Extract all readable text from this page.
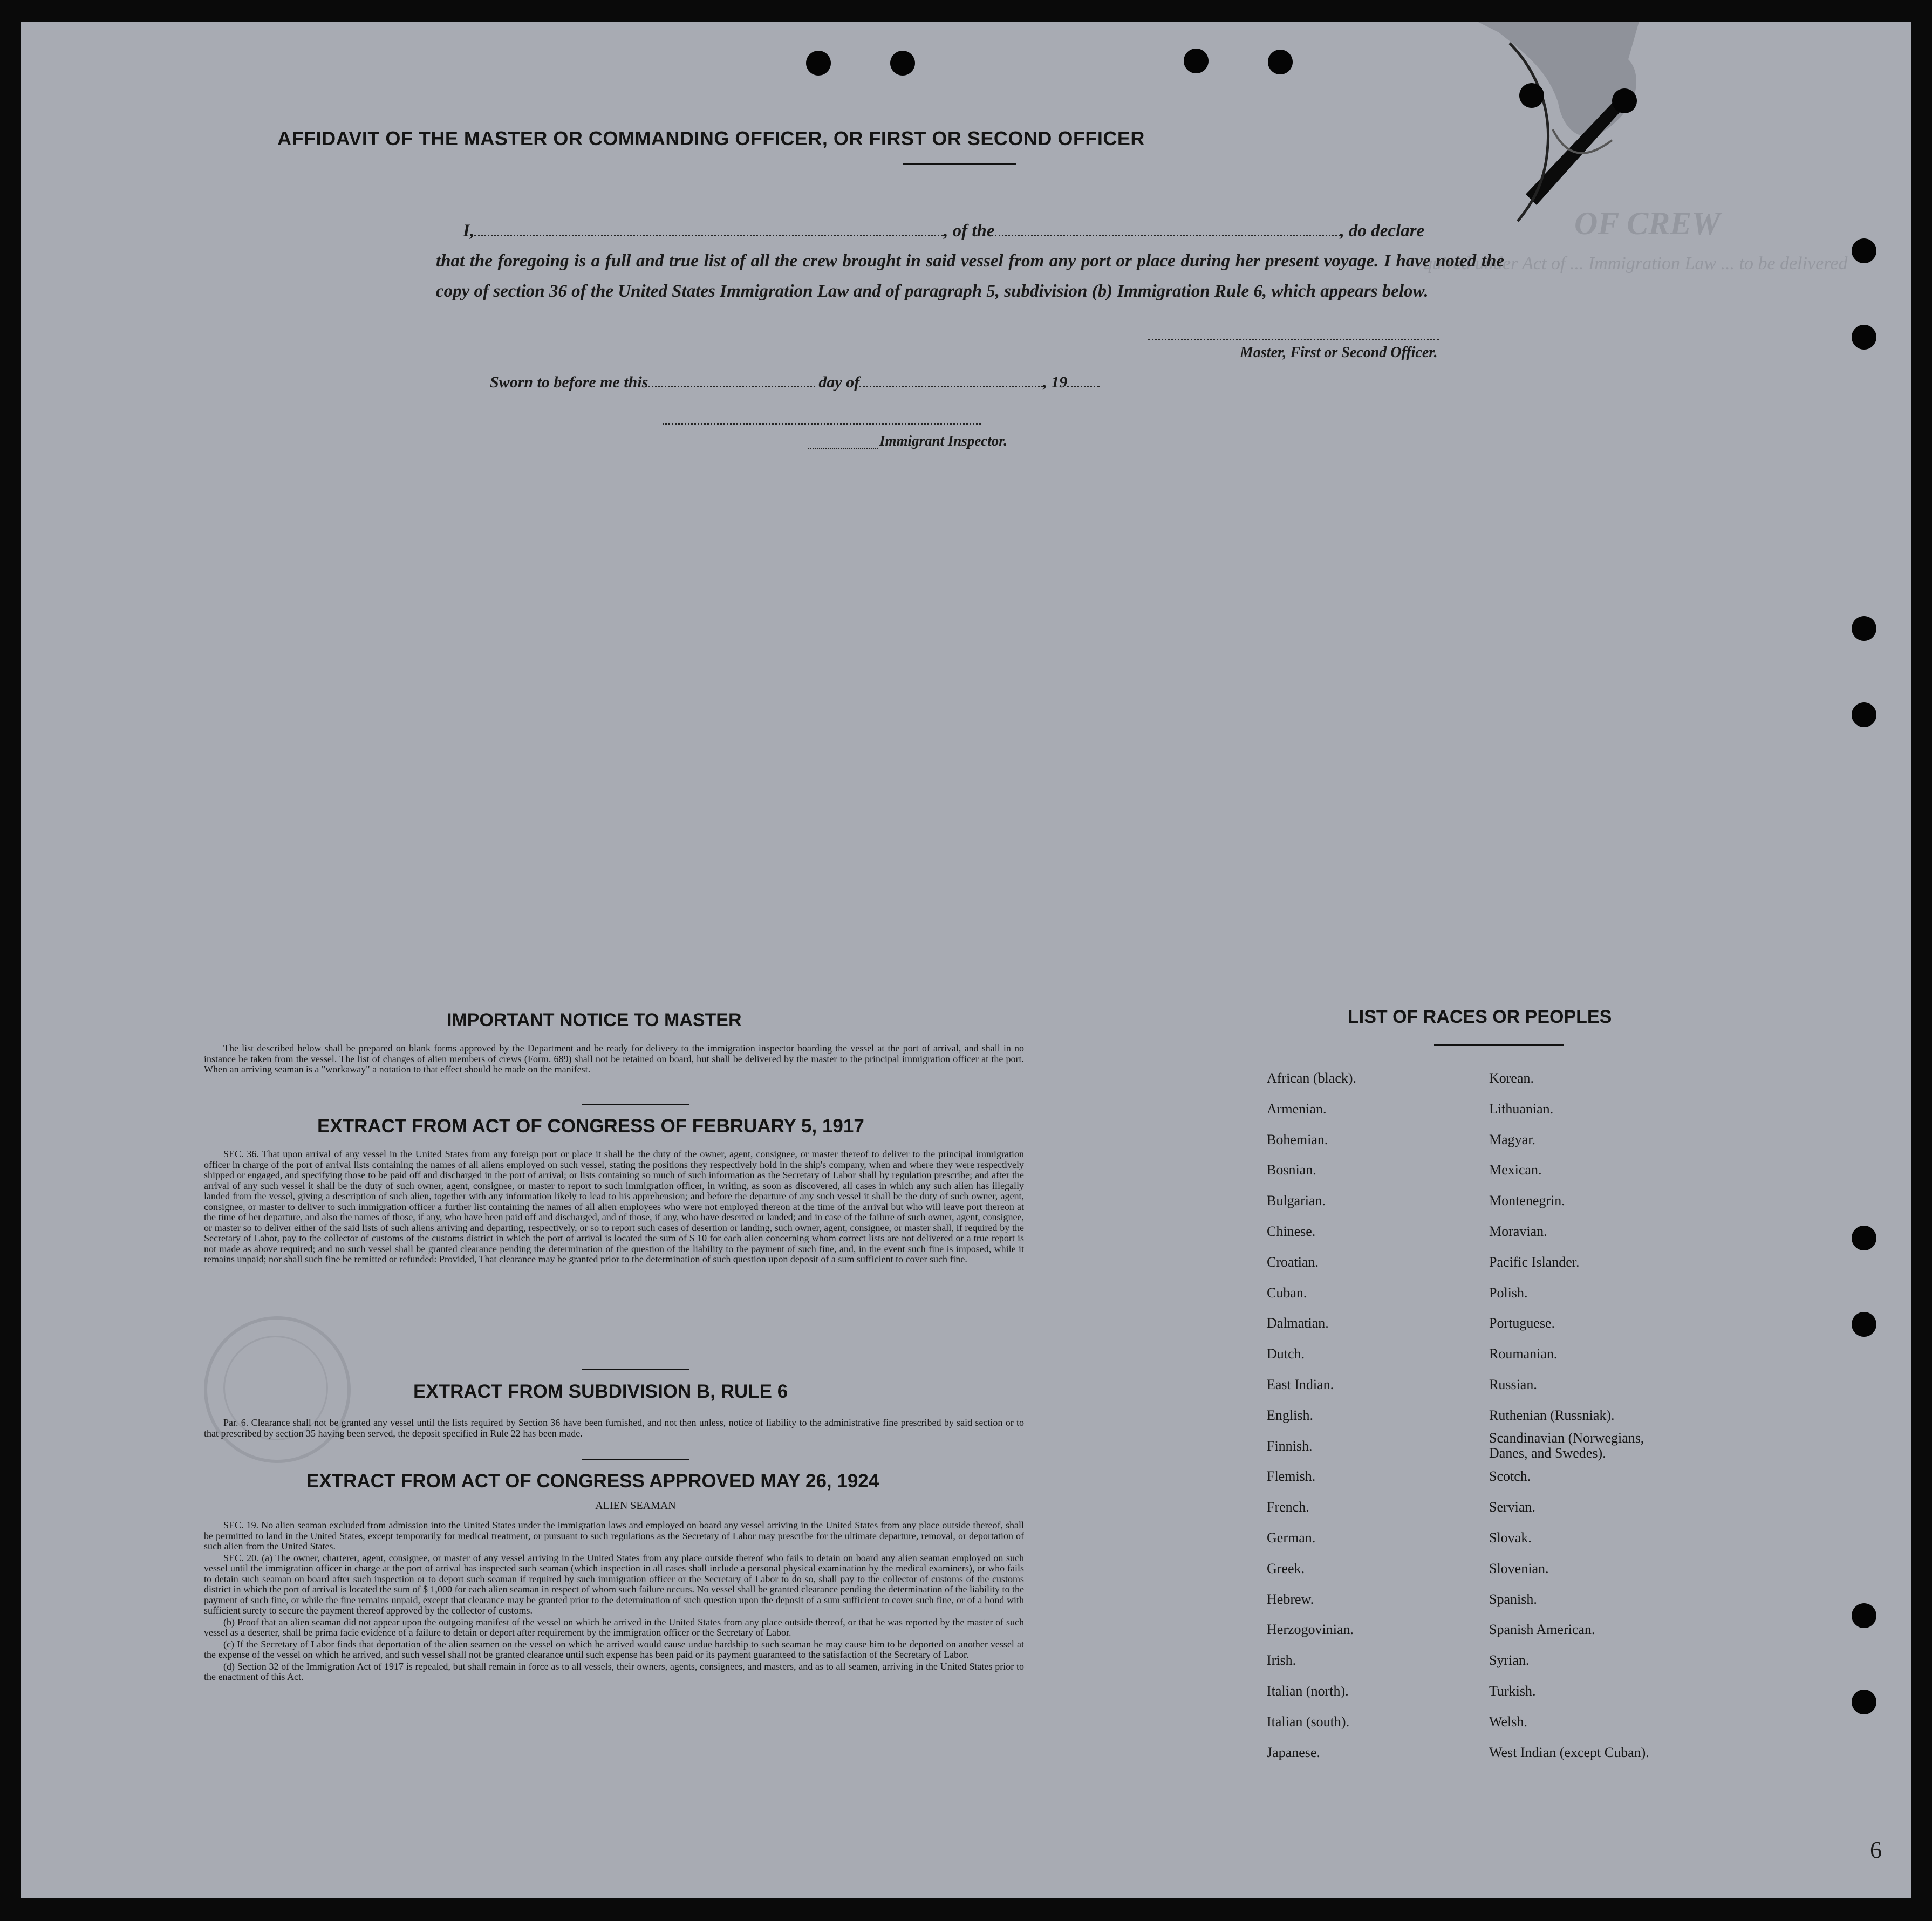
OF CREW
quired under Act of ... Immigration Law ... to be delivered
AFFIDAVIT OF THE MASTER OR COMMANDING OFFICER, OR FIRST OR SECOND OFFICER
I,	, of the	, do declare
that the foregoing is a full and true list of all the crew brought in said vessel from any port or place during her present voyage. I have noted the copy of section 36 of the United States Immigration Law and of paragraph 5, subdivision (b) Immigration Rule 6, which appears below.
Master, First or Second Officer.
Sworn to before me this	day of	, 19
Immigrant Inspector.
IMPORTANT NOTICE TO MASTER

The list described below shall be prepared on blank forms approved by the Department and be ready for delivery to the immigration inspector boarding the vessel at the port of arrival, and shall in no instance be taken from the vessel. The list of changes of alien members of crews (Form. 689) shall not be retained on board, but shall be delivered by the master to the principal immigration officer at the port. When an arriving seaman is a "workaway" a notation to that effect should be made on the manifest.

EXTRACT FROM ACT OF CONGRESS OF FEBRUARY 5, 1917

SEC. 36. That upon arrival of any vessel in the United States from any foreign port or place it shall be the duty of the owner, agent, consignee, or master thereof to deliver to the principal immigration officer in charge of the port of arrival lists containing the names of all aliens employed on such vessel, stating the positions they respectively hold in the ship's company, when and where they were respectively shipped or engaged, and specifying those to be paid off and discharged in the port of arrival; or lists containing so much of such information as the Secretary of Labor shall by regulation prescribe; and after the arrival of any such vessel it shall be the duty of such owner, agent, consignee, or master to report to such immigration officer, in writing, as soon as discovered, all cases in which any such alien has illegally landed from the vessel, giving a description of such alien, together with any information likely to lead to his apprehension; and before the departure of any such vessel it shall be the duty of such owner, agent, consignee, or master to deliver to such immigration officer a further list containing the names of all alien employees who were not employed thereon at the time of the arrival but who will leave port thereon at the time of her departure, and also the names of those, if any, who have been paid off and discharged, and of those, if any, who have deserted or landed; and in case of the failure of such owner, agent, consignee, or master so to deliver either of the said lists of such aliens arriving and departing, respectively, or so to report such cases of desertion or landing, such owner, agent, consignee, or master shall, if required by the Secretary of Labor, pay to the collector of customs of the customs district in which the port of arrival is located the sum of $ 10 for each alien concerning whom correct lists are not delivered or a true report is not made as above required; and no such vessel shall be granted clearance pending the determination of the question of the liability to the payment of such fine, and, in the event such fine is imposed, while it remains unpaid; nor shall such fine be remitted or refunded: Provided, That clearance may be granted prior to the determination of such question upon deposit of a sum sufficient to cover such fine.

EXTRACT FROM SUBDIVISION B, RULE 6

Par. 6. Clearance shall not be granted any vessel until the lists required by Section 36 have been furnished, and not then unless, notice of liability to the administrative fine prescribed by said section or to that prescribed by section 35 having been served, the deposit specified in Rule 22 has been made.

EXTRACT FROM ACT OF CONGRESS APPROVED MAY 26, 1924
ALIEN SEAMAN

SEC. 19. No alien seaman excluded from admission into the United States under the immigration laws and employed on board any vessel arriving in the United States from any place outside thereof, shall be permitted to land in the United States, except temporarily for medical treatment, or pursuant to such regulations as the Secretary of Labor may prescribe for the ultimate departure, removal, or deportation of such alien from the United States.

SEC. 20. (a) The owner, charterer, agent, consignee, or master of any vessel arriving in the United States from any place outside thereof who fails to detain on board any alien seaman employed on such vessel until the immigration officer in charge at the port of arrival has inspected such seaman (which inspection in all cases shall include a personal physical examination by the medical examiners), or who fails to detain such seaman on board after such inspection or to deport such seaman if required by such immigration officer or the Secretary of Labor to do so, shall pay to the collector of customs of the customs district in which the port of arrival is located the sum of $ 1,000 for each alien seaman in respect of whom such failure occurs. No vessel shall be granted clearance pending the determination of the liability to the payment of such fine, or while the fine remains unpaid, except that clearance may be granted prior to the determination of such question upon the deposit of a sum sufficient to cover such fine, or of a bond with sufficient surety to secure the payment thereof approved by the collector of customs.

(b) Proof that an alien seaman did not appear upon the outgoing manifest of the vessel on which he arrived in the United States from any place outside thereof, or that he was reported by the master of such vessel as a deserter, shall be prima facie evidence of a failure to detain or deport after requirement by the immigration officer or the Secretary of Labor.

(c) If the Secretary of Labor finds that deportation of the alien seamen on the vessel on which he arrived would cause undue hardship to such seaman he may cause him to be deported on another vessel at the expense of the vessel on which he arrived, and such vessel shall not be granted clearance until such expense has been paid or its payment guaranteed to the satisfaction of the Secretary of Labor.

(d) Section 32 of the Immigration Act of 1917 is repealed, but shall remain in force as to all vessels, their owners, agents, consignees, and masters, and as to all seamen, arriving in the United States prior to the enactment of this Act.

LIST OF RACES OR PEOPLES
African (black).
Armenian.
Bohemian.
Bosnian.
Bulgarian.
Chinese.
Croatian.
Cuban.
Dalmatian.
Dutch.
East Indian.
English.
Finnish.
Flemish.
French.
German.
Greek.
Hebrew.
Herzogovinian.
Irish.
Italian (north).
Italian (south).
Japanese.
Korean.
Lithuanian.
Magyar.
Mexican.
Montenegrin.
Moravian.
Pacific Islander.
Polish.
Portuguese.
Roumanian.
Russian.
Ruthenian (Russniak).
Scandinavian (Norwegians, Danes, and Swedes).
Scotch.
Servian.
Slovak.
Slovenian.
Spanish.
Spanish American.
Syrian.
Turkish.
Welsh.
West Indian (except Cuban).
6
